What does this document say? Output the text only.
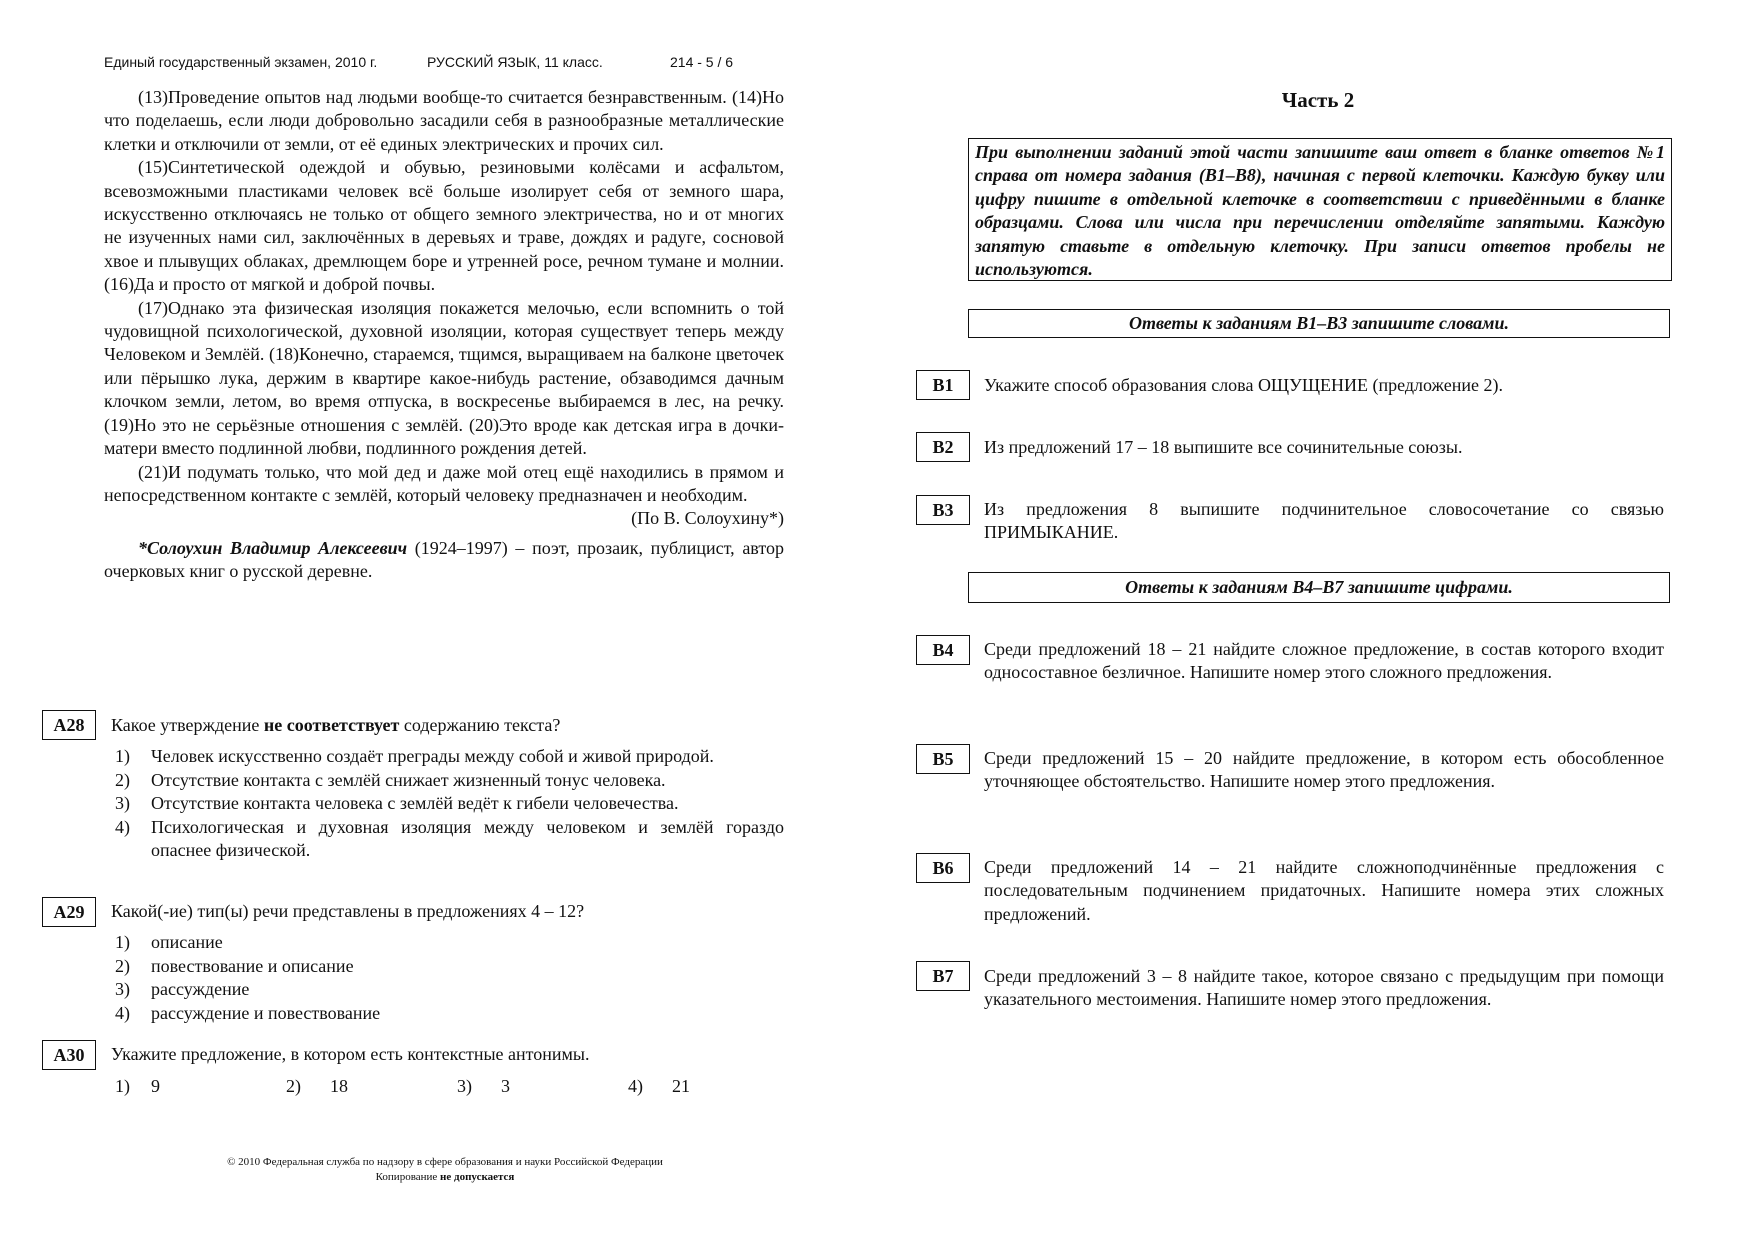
Единый государственный экзамен, 2010 г.	РУССКИЙ ЯЗЫК, 11 класс.	214 - 5 / 6

(13)Проведение опытов над людьми вообще-то считается безнравственным. (14)Но что поделаешь, если люди добровольно засадили себя в разнообразные металлические клетки и отключили от земли, от её единых электрических и прочих сил.

(15)Синтетической одеждой и обувью, резиновыми колёсами и асфальтом, всевозможными пластиками человек всё больше изолирует себя от земного шара, искусственно отключаясь не только от общего земного электричества, но и от многих не изученных нами сил, заключённых в деревьях и траве, дождях и радуге, сосновой хвое и плывущих облаках, дремлющем боре и утренней росе, речном тумане и молнии. (16)Да и просто от мягкой и доброй почвы.

(17)Однако эта физическая изоляция покажется мелочью, если вспомнить о той чудовищной психологической, духовной изоляции, которая существует теперь между Человеком и Землёй. (18)Конечно, стараемся, тщимся, выращиваем на балконе цветочек или пёрышко лука, держим в квартире какое-нибудь растение, обзаводимся дачным клочком земли, летом, во время отпуска, в воскресенье выбираемся в лес, на речку. (19)Но это не серьёзные отношения с землёй. (20)Это вроде как детская игра в дочки-матери вместо подлинной любви, подлинного рождения детей.

(21)И подумать только, что мой дед и даже мой отец ещё находились в прямом и непосредственном контакте с землёй, который человеку предназначен и необходим.

(По В. Солоухину*)

*Солоухин Владимир Алексеевич (1924–1997) – поэт, прозаик, публицист, автор очерковых книг о русской деревне.

A28	Какое утверждение не соответствует содержанию текста?
1)	Человек искусственно создаёт преграды между собой и живой природой.
2)	Отсутствие контакта с землёй снижает жизненный тонус человека.
3)	Отсутствие контакта человека с землёй ведёт к гибели человечества.
4)	Психологическая и духовная изоляция между человеком и землёй гораздо опаснее физической.
A29	Какой(-ие) тип(ы) речи представлены в предложениях 4 – 12?
1)	описание
2)	повествование и описание
3)	рассуждение
4)	рассуждение и повествование
A30	Укажите предложение, в котором есть контекстные антонимы.
1) 9	2) 18	3) 3	4) 21
© 2010 Федеральная служба по надзору в сфере образования и науки Российской Федерации
Копирование не допускается
Часть 2
При выполнении заданий этой части запишите ваш ответ в бланке ответов №1 справа от номера задания (В1–В8), начиная с первой клеточки. Каждую букву или цифру пишите в отдельной клеточке в соответствии с приведёнными в бланке образцами. Слова или числа при перечислении отделяйте запятыми. Каждую запятую ставьте в отдельную клеточку. При записи ответов пробелы не используются.
Ответы к заданиям В1–В3 запишите словами.
Ответы к заданиям В4–В7 запишите цифрами.
B1	Укажите способ образования слова ОЩУЩЕНИЕ (предложение 2).
B2	Из предложений 17 – 18 выпишите все сочинительные союзы.
B3	Из предложения 8 выпишите подчинительное словосочетание со связью ПРИМЫКАНИЕ.
B4	Среди предложений 18 – 21 найдите сложное предложение, в состав которого входит односоставное безличное. Напишите номер этого сложного предложения.
B5	Среди предложений 15 – 20 найдите предложение, в котором есть обособленное уточняющее обстоятельство. Напишите номер этого предложения.
B6	Среди предложений 14 – 21 найдите сложноподчинённые предложения с последовательным подчинением придаточных. Напишите номера этих сложных предложений.
B7	Среди предложений 3 – 8 найдите такое, которое связано с предыдущим при помощи указательного местоимения. Напишите номер этого предложения.
